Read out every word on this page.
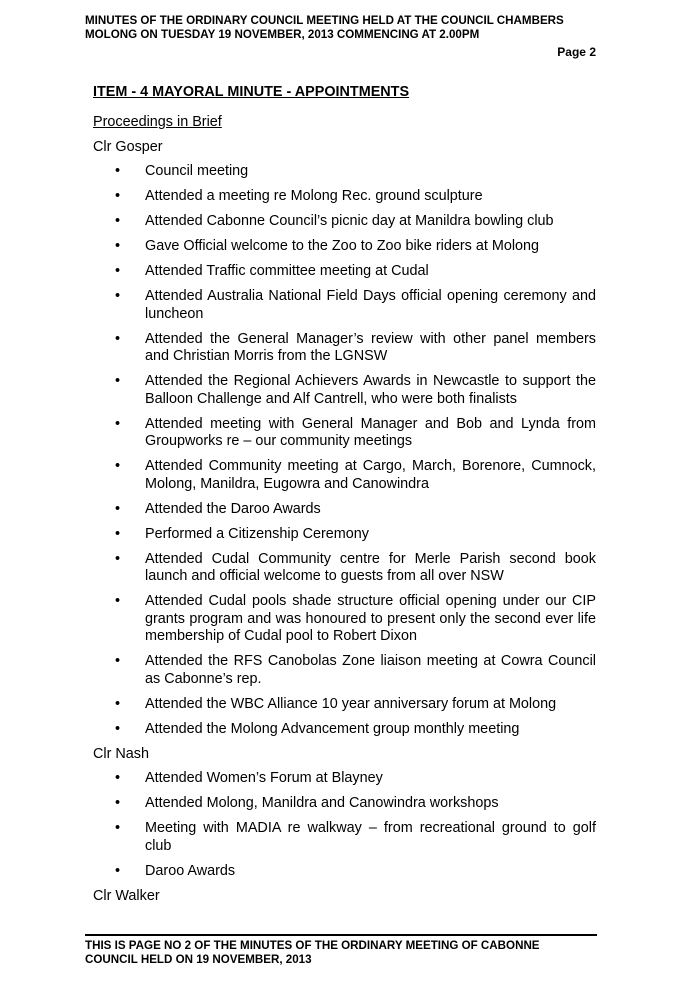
MINUTES OF THE ORDINARY COUNCIL MEETING HELD AT THE COUNCIL CHAMBERS
MOLONG ON TUESDAY 19 NOVEMBER, 2013 COMMENCING AT 2.00PM
Page 2
ITEM - 4 MAYORAL MINUTE - APPOINTMENTS
Proceedings in Brief
Clr Gosper
• Council meeting
• Attended a meeting re Molong Rec. ground sculpture
• Attended Cabonne Council’s picnic day at Manildra bowling club
• Gave Official welcome to the Zoo to Zoo bike riders at Molong
• Attended Traffic committee meeting at Cudal
• Attended Australia National Field Days official opening ceremony and luncheon
• Attended the General Manager’s review with other panel members and Christian Morris from the LGNSW
• Attended the Regional Achievers Awards in Newcastle to support the Balloon Challenge and Alf Cantrell, who were both finalists
• Attended meeting with General Manager and Bob and Lynda from Groupworks re – our community meetings
• Attended Community meeting at Cargo, March, Borenore, Cumnock, Molong, Manildra, Eugowra and Canowindra
• Attended the Daroo Awards
• Performed a Citizenship Ceremony
• Attended Cudal Community centre for Merle Parish second book launch and official welcome to guests from all over NSW
• Attended Cudal pools shade structure official opening under our CIP grants program and was honoured to present only the second ever life membership of Cudal pool to Robert Dixon
• Attended the RFS Canobolas Zone liaison meeting at Cowra Council as Cabonne’s rep.
• Attended the WBC Alliance 10 year anniversary forum at Molong
• Attended the Molong Advancement group monthly meeting
Clr Nash
• Attended Women’s Forum at Blayney
• Attended Molong, Manildra and Canowindra workshops
• Meeting with MADIA re walkway – from recreational ground to golf club
• Daroo Awards
Clr Walker
THIS IS PAGE NO 2 OF THE MINUTES OF THE ORDINARY MEETING OF CABONNE
COUNCIL HELD ON 19 NOVEMBER, 2013
